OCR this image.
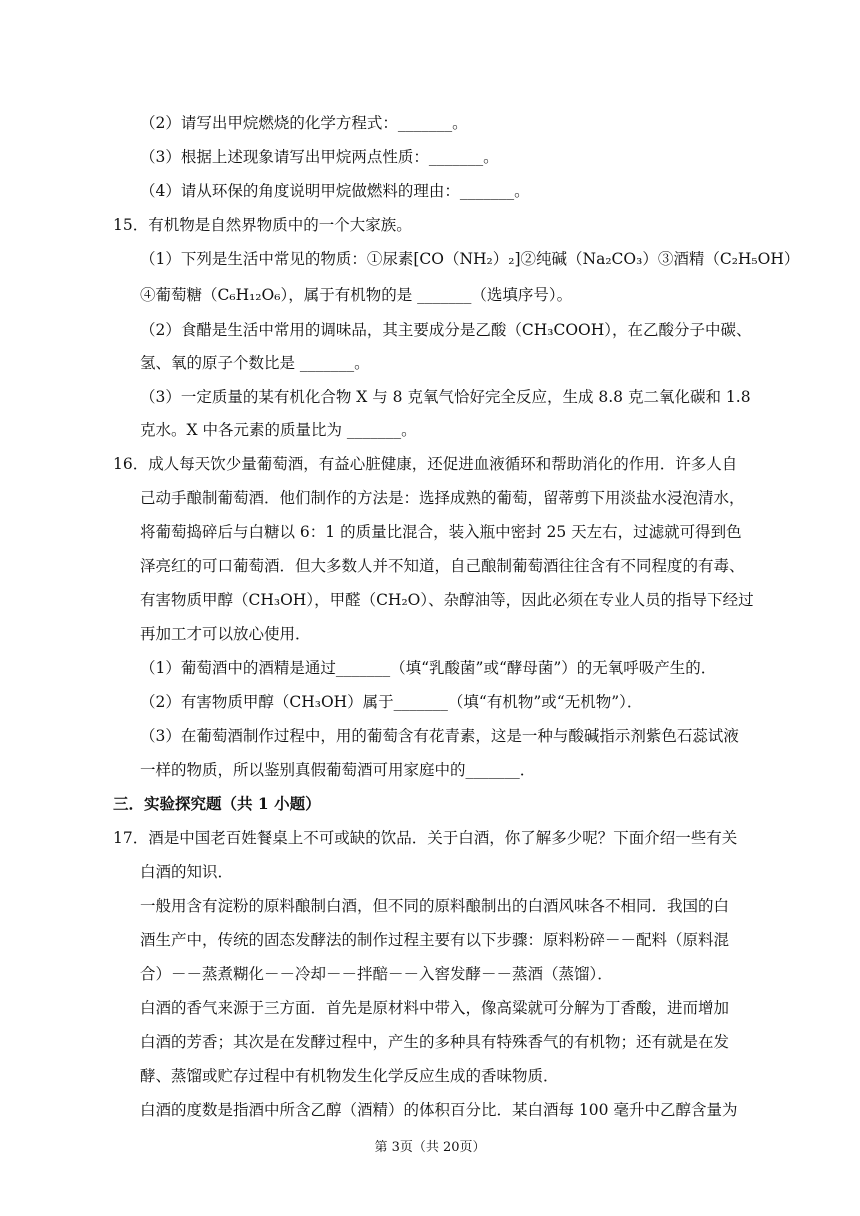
（2）请写出甲烷燃烧的化学方程式：_______。
（3）根据上述现象请写出甲烷两点性质：_______。
（4）请从环保的角度说明甲烷做燃料的理由：_______。
15．有机物是自然界物质中的一个大家族。
（1）下列是生活中常见的物质：①尿素[CO（NH₂）₂]②纯碱（Na₂CO₃）③酒精（C₂H₅OH）
④葡萄糖（C₆H₁₂O₆），属于有机物的是 _______（选填序号）。
（2）食醋是生活中常用的调味品，其主要成分是乙酸（CH₃COOH），在乙酸分子中碳、
氢、氧的原子个数比是 _______。
（3）一定质量的某有机化合物 X 与 8 克氧气恰好完全反应，生成 8.8 克二氧化碳和 1.8
克水。X 中各元素的质量比为 _______。
16．成人每天饮少量葡萄酒，有益心脏健康，还促进血液循环和帮助消化的作用．许多人自
己动手酿制葡萄酒．他们制作的方法是：选择成熟的葡萄，留蒂剪下用淡盐水浸泡清水，
将葡萄捣碎后与白糖以 6：1 的质量比混合，装入瓶中密封 25 天左右，过滤就可得到色
泽亮红的可口葡萄酒．但大多数人并不知道，自己酿制葡萄酒往往含有不同程度的有毒、
有害物质甲醇（CH₃OH），甲醛（CH₂O）、杂醇油等，因此必须在专业人员的指导下经过
再加工才可以放心使用．
（1）葡萄酒中的酒精是通过_______（填“乳酸菌”或“酵母菌”）的无氧呼吸产生的．
（2）有害物质甲醇（CH₃OH）属于_______（填“有机物”或“无机物”）．
（3）在葡萄酒制作过程中，用的葡萄含有花青素，这是一种与酸碱指示剂紫色石蕊试液
一样的物质，所以鉴别真假葡萄酒可用家庭中的_______．
三．实验探究题（共 1 小题）
17．酒是中国老百姓餐桌上不可或缺的饮品．关于白酒，你了解多少呢？下面介绍一些有关
白酒的知识．
一般用含有淀粉的原料酿制白酒，但不同的原料酿制出的白酒风味各不相同．我国的白
酒生产中，传统的固态发酵法的制作过程主要有以下步骤：原料粉碎－－配料（原料混
合）－－蒸煮糊化－－冷却－－拌醅－－入窖发酵－－蒸酒（蒸馏）．
白酒的香气来源于三方面．首先是原材料中带入，像高粱就可分解为丁香酸，进而增加
白酒的芳香；其次是在发酵过程中，产生的多种具有特殊香气的有机物；还有就是在发
酵、蒸馏或贮存过程中有机物发生化学反应生成的香味物质．
白酒的度数是指酒中所含乙醇（酒精）的体积百分比．某白酒每 100 毫升中乙醇含量为
第 3页（共 20页）
